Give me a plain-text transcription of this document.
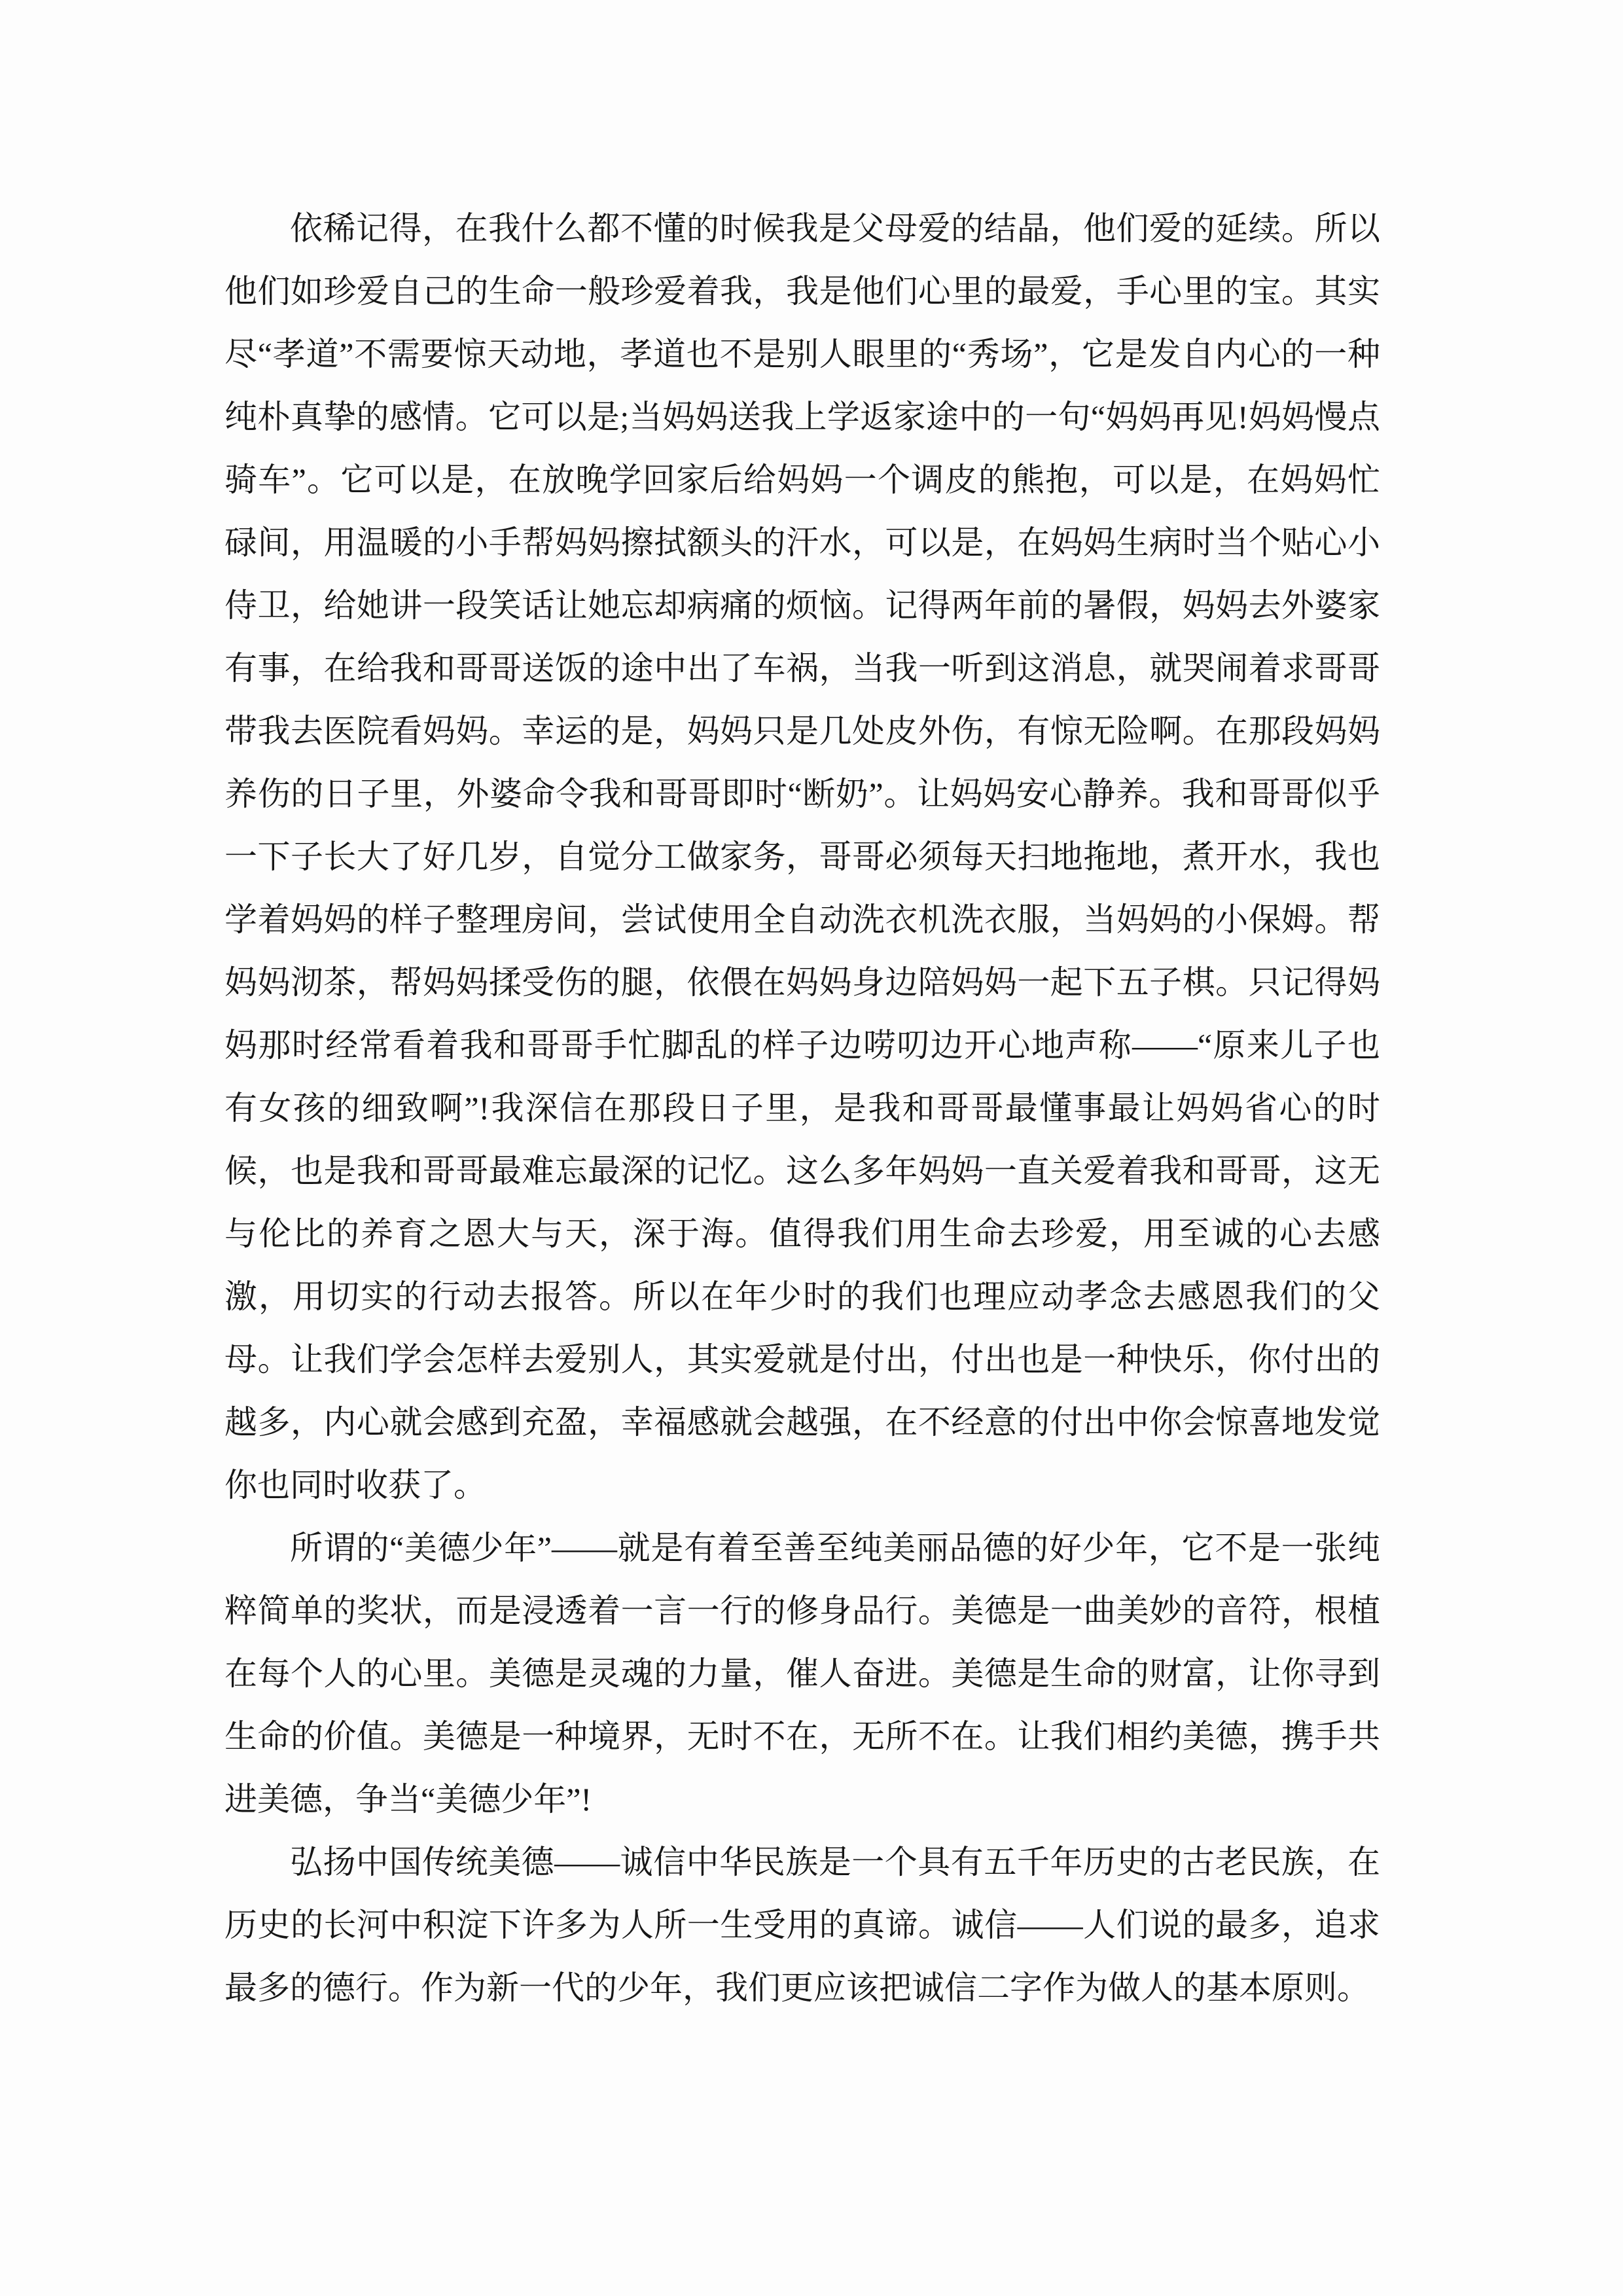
依稀记得，在我什么都不懂的时候我是父母爱的结晶，他们爱的延续。所以他们如珍爱自己的生命一般珍爱着我，我是他们心里的最爱，手心里的宝。其实尽“孝道”不需要惊天动地，孝道也不是别人眼里的“秀场”，它是发自内心的一种纯朴真挚的感情。它可以是;当妈妈送我上学返家途中的一句“妈妈再见!妈妈慢点骑车”。它可以是，在放晚学回家后给妈妈一个调皮的熊抱，可以是，在妈妈忙碌间，用温暖的小手帮妈妈擦拭额头的汗水，可以是，在妈妈生病时当个贴心小侍卫，给她讲一段笑话让她忘却病痛的烦恼。记得两年前的暑假，妈妈去外婆家有事，在给我和哥哥送饭的途中出了车祸，当我一听到这消息，就哭闹着求哥哥带我去医院看妈妈。幸运的是，妈妈只是几处皮外伤，有惊无险啊。在那段妈妈养伤的日子里，外婆命令我和哥哥即时“断奶”。让妈妈安心静养。我和哥哥似乎一下子长大了好几岁，自觉分工做家务，哥哥必须每天扫地拖地，煮开水，我也学着妈妈的样子整理房间，尝试使用全自动洗衣机洗衣服，当妈妈的小保姆。帮妈妈沏茶，帮妈妈揉受伤的腿，依偎在妈妈身边陪妈妈一起下五子棋。只记得妈妈那时经常看着我和哥哥手忙脚乱的样子边唠叨边开心地声称——“原来儿子也有女孩的细致啊”!我深信在那段日子里，是我和哥哥最懂事最让妈妈省心的时候，也是我和哥哥最难忘最深的记忆。这么多年妈妈一直关爱着我和哥哥，这无与伦比的养育之恩大与天，深于海。值得我们用生命去珍爱，用至诚的心去感激，用切实的行动去报答。所以在年少时的我们也理应动孝念去感恩我们的父母。让我们学会怎样去爱别人，其实爱就是付出，付出也是一种快乐，你付出的越多，内心就会感到充盈，幸福感就会越强，在不经意的付出中你会惊喜地发觉你也同时收获了。

所谓的“美德少年”——就是有着至善至纯美丽品德的好少年，它不是一张纯粹简单的奖状，而是浸透着一言一行的修身品行。美德是一曲美妙的音符，根植在每个人的心里。美德是灵魂的力量，催人奋进。美德是生命的财富，让你寻到生命的价值。美德是一种境界，无时不在，无所不在。让我们相约美德，携手共进美德，争当“美德少年”!

弘扬中国传统美德——诚信中华民族是一个具有五千年历史的古老民族，在历史的长河中积淀下许多为人所一生受用的真谛。诚信——人们说的最多，追求最多的德行。作为新一代的少年，我们更应该把诚信二字作为做人的基本原则。
